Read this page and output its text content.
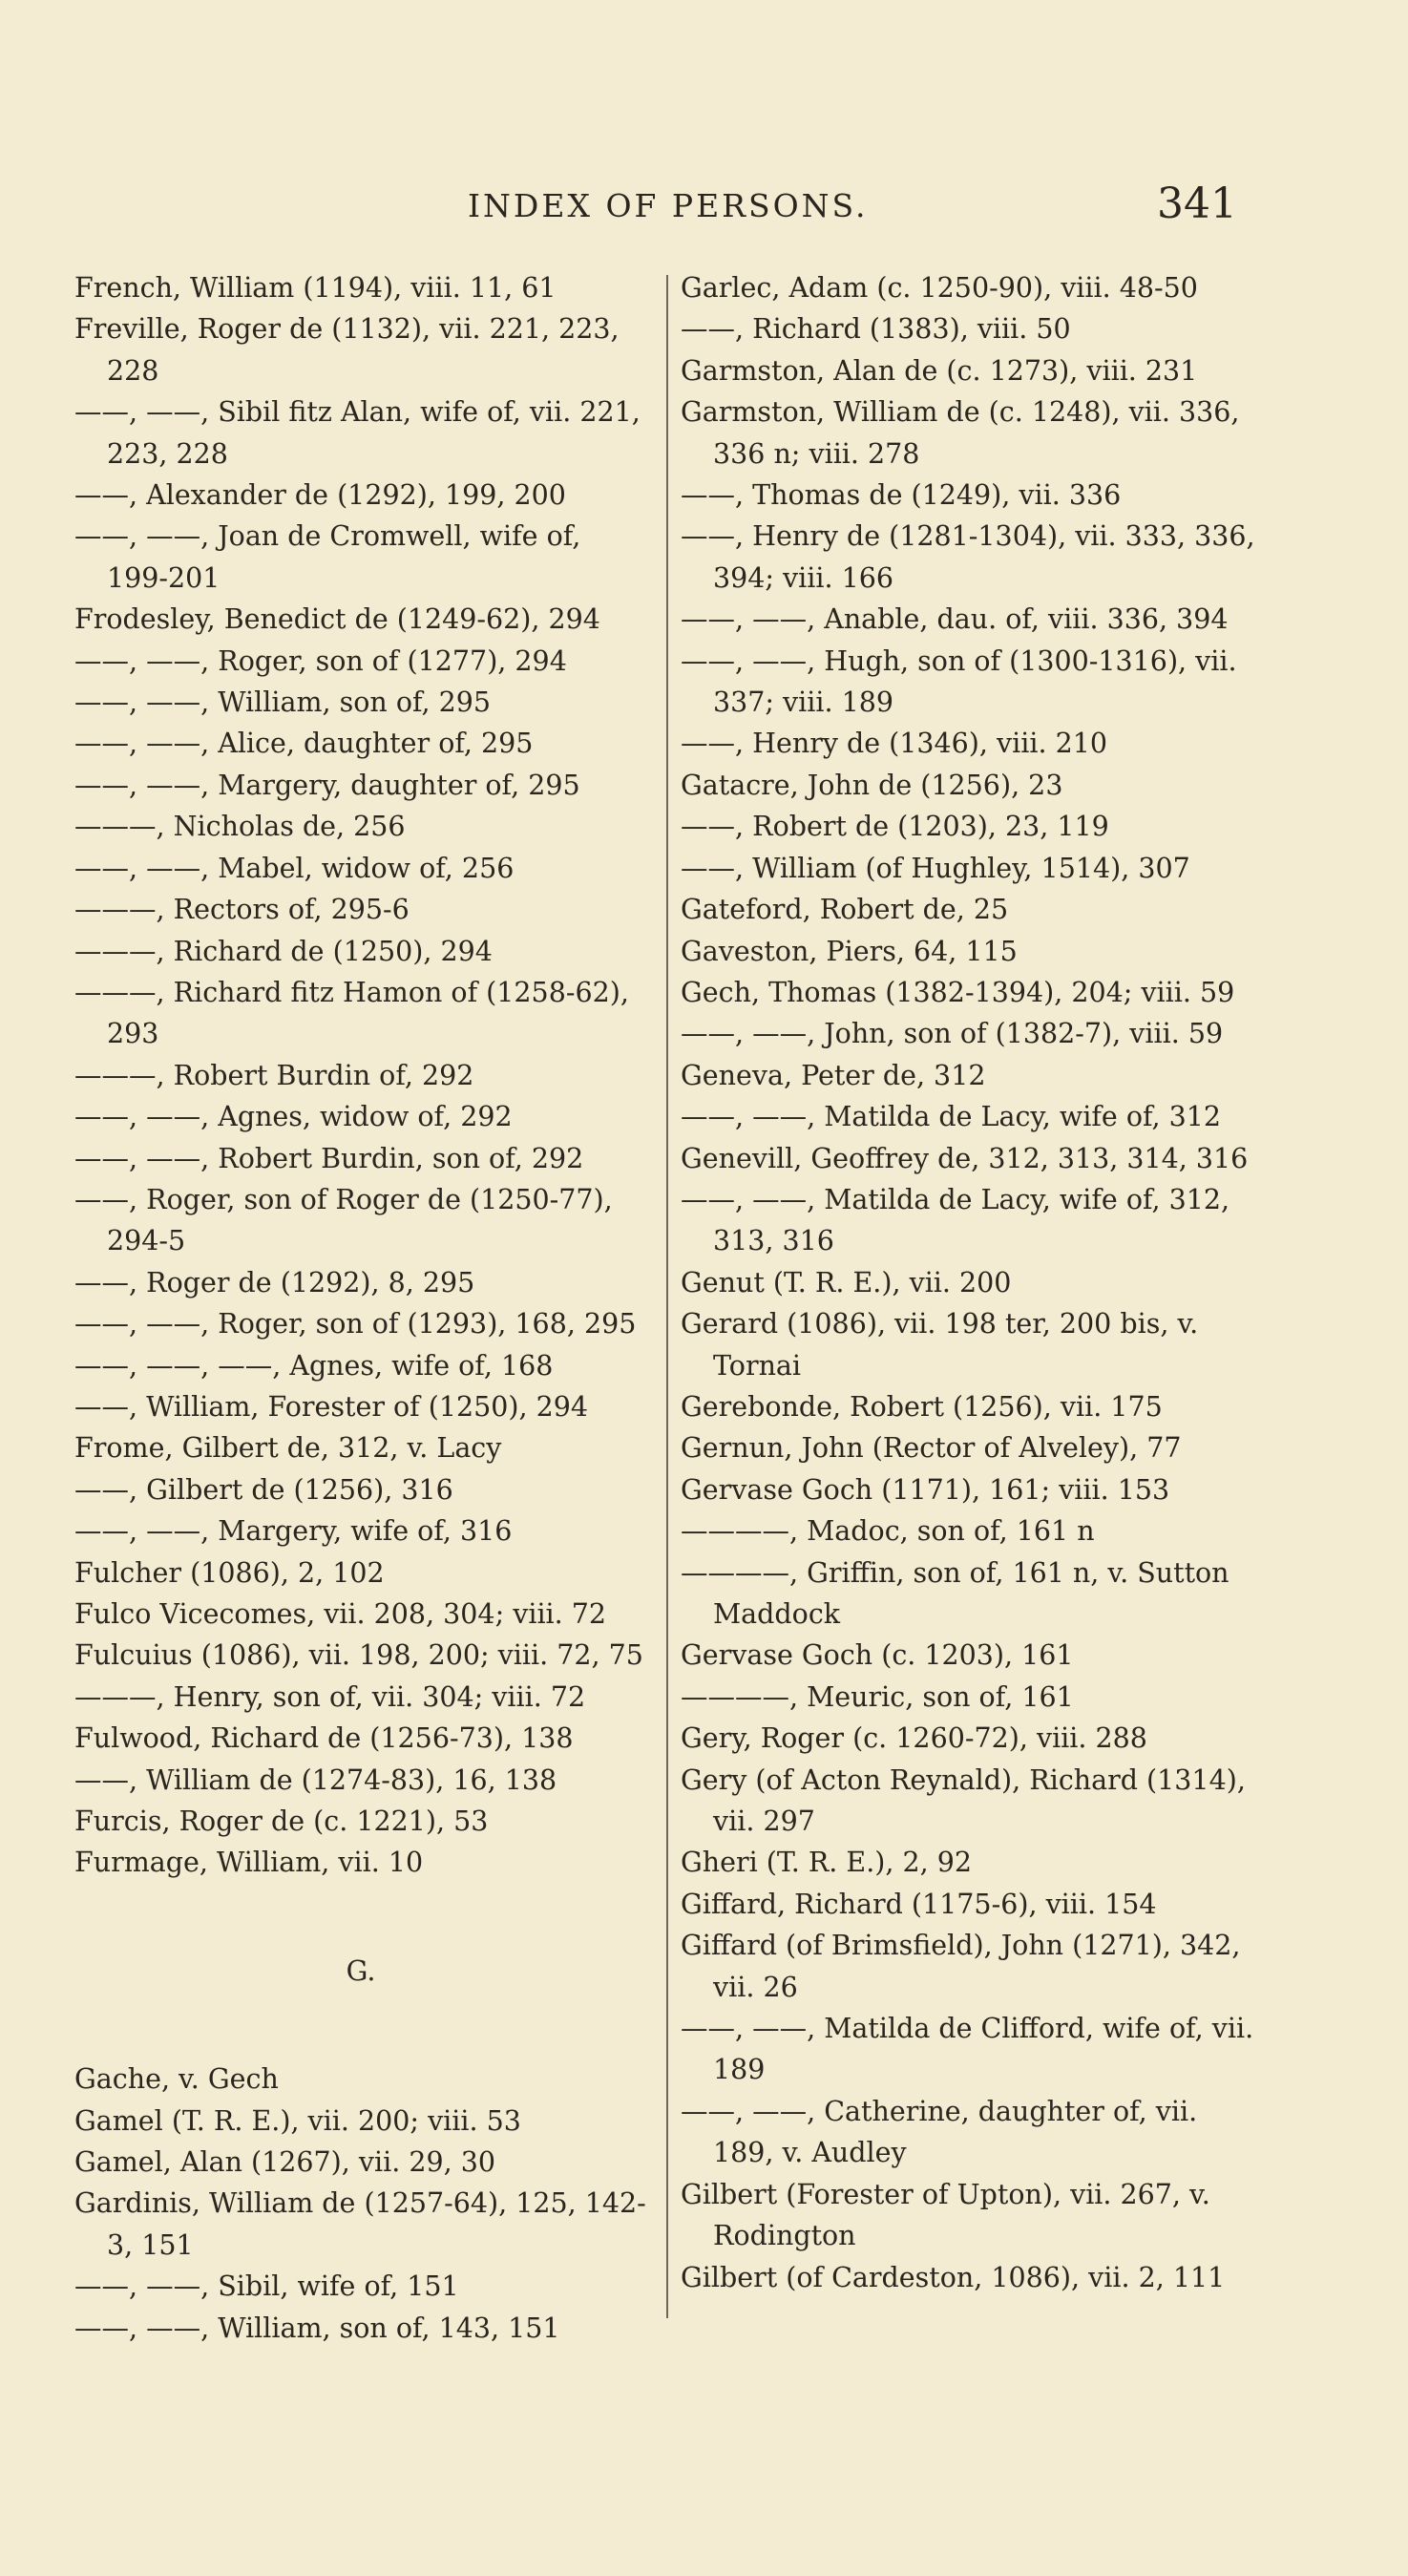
INDEX OF PERSONS.	341
French, William (1194), viii. 11, 61
Freville, Roger de (1132), vii. 221, 223, 228
——, ——, Sibil fitz Alan, wife of, vii. 221, 223, 228
——, Alexander de (1292), 199, 200
——, ——, Joan de Cromwell, wife of, 199-201
Frodesley, Benedict de (1249-62), 294
——, ——, Roger, son of (1277), 294
——, ——, William, son of, 295
——, ——, Alice, daughter of, 295
——, ——, Margery, daughter of, 295
———, Nicholas de, 256
——, ——, Mabel, widow of, 256
———, Rectors of, 295-6
———, Richard de (1250), 294
———, Richard fitz Hamon of (1258-62), 293
———, Robert Burdin of, 292
——, ——, Agnes, widow of, 292
——, ——, Robert Burdin, son of, 292
——, Roger, son of Roger de (1250-77), 294-5
——, Roger de (1292), 8, 295
——, ——, Roger, son of (1293), 168, 295
——, ——, ——, Agnes, wife of, 168
——, William, Forester of (1250), 294
Frome, Gilbert de, 312, v. Lacy
——, Gilbert de (1256), 316
——, ——, Margery, wife of, 316
Fulcher (1086), 2, 102
Fulco Vicecomes, vii. 208, 304; viii. 72
Fulcuius (1086), vii. 198, 200; viii. 72, 75
———, Henry, son of, vii. 304; viii. 72
Fulwood, Richard de (1256-73), 138
——, William de (1274-83), 16, 138
Furcis, Roger de (c. 1221), 53
Furmage, William, vii. 10
G.
Gache, v. Gech
Gamel (T. R. E.), vii. 200; viii. 53
Gamel, Alan (1267), vii. 29, 30
Gardinis, William de (1257-64), 125, 142-3, 151
——, ——, Sibil, wife of, 151
——, ——, William, son of, 143, 151
Garlec, Adam (c. 1250-90), viii. 48-50
——, Richard (1383), viii. 50
Garmston, Alan de (c. 1273), viii. 231
Garmston, William de (c. 1248), vii. 336, 336 n; viii. 278
——, Thomas de (1249), vii. 336
——, Henry de (1281-1304), vii. 333, 336, 394; viii. 166
——, ——, Anable, dau. of, viii. 336, 394
——, ——, Hugh, son of (1300-1316), vii. 337; viii. 189
——, Henry de (1346), viii. 210
Gatacre, John de (1256), 23
——, Robert de (1203), 23, 119
——, William (of Hughley, 1514), 307
Gateford, Robert de, 25
Gaveston, Piers, 64, 115
Gech, Thomas (1382-1394), 204; viii. 59
——, ——, John, son of (1382-7), viii. 59
Geneva, Peter de, 312
——, ——, Matilda de Lacy, wife of, 312
Genevill, Geoffrey de, 312, 313, 314, 316
——, ——, Matilda de Lacy, wife of, 312, 313, 316
Genut (T. R. E.), vii. 200
Gerard (1086), vii. 198 ter, 200 bis, v. Tornai
Gerebonde, Robert (1256), vii. 175
Gernun, John (Rector of Alveley), 77
Gervase Goch (1171), 161; viii. 153
————, Madoc, son of, 161 n
————, Griffin, son of, 161 n, v. Sutton Maddock
Gervase Goch (c. 1203), 161
————, Meuric, son of, 161
Gery, Roger (c. 1260-72), viii. 288
Gery (of Acton Reynald), Richard (1314), vii. 297
Gheri (T. R. E.), 2, 92
Giffard, Richard (1175-6), viii. 154
Giffard (of Brimsfield), John (1271), 342, vii. 26
——, ——, Matilda de Clifford, wife of, vii. 189
——, ——, Catherine, daughter of, vii. 189, v. Audley
Gilbert (Forester of Upton), vii. 267, v. Rodington
Gilbert (of Cardeston, 1086), vii. 2, 111
